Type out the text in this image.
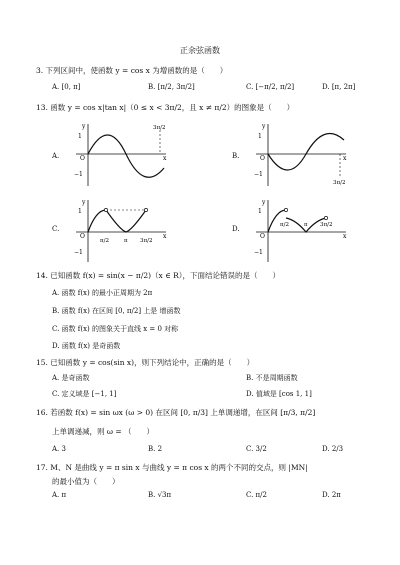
正余弦函数
3. 下列区间中，使函数 y = cos x 为增函数的是（　　）
A. [0, π]	B. [π/2, 3π/2]	C. [−π/2, π/2]	D. [π, 2π]
13. 函数 y = cos x|tan x|（0 ≤ x < 3π/2，且 x ≠ π/2）的图象是（　　）
A.
y
1
O
−1
3π/2
x	B.
y
1
O
−1
3π/2
x
C.
y
1
O
−1
π/2	π 3π/2
x
D.
y
1
O
−1
π/2	π 3π/2
x
14. 已知函数 f(x) = sin(x − π/2)（x ∈ R），下面结论错误的是（　　）
A. 函数 f(x) 的最小正周期为 2π
B. 函数 f(x) 在区间 [0, π/2] 上是 增函数
C. 函数 f(x) 的图象关于直线 x = 0 对称
D. 函数 f(x) 是奇函数
15. 已知函数 y = cos(sin x)，则下列结论中，正确的是（　　）
A. 是奇函数	B. 不是周期函数
C. 定义域是 [−1, 1]	D. 值域是 [cos 1, 1]
16. 若函数 f(x) = sin ωx (ω > 0) 在区间 [0, π/3] 上单调递增，在区间 [π/3, π/2]
上单调递减，则 ω = （　　）
A. 3	B. 2	C. 3/2	D. 2/3
17. M、N 是曲线 y = π sin x 与曲线 y = π cos x 的两个不同的交点，则 |MN|
的最小值为（　　）
A. π	B. √3π	C. π/2	D. 2π
